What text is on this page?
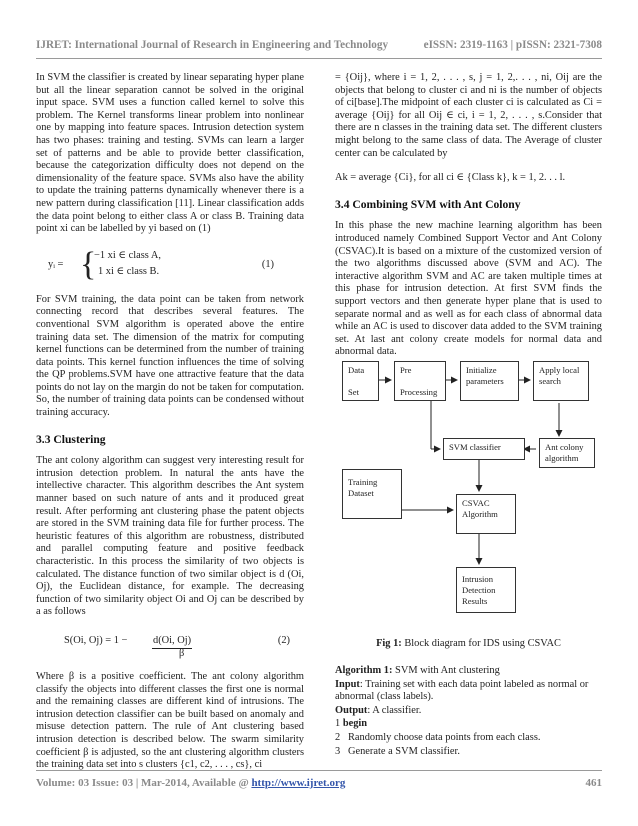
IJRET: International Journal of Research in Engineering and Technology	eISSN: 2319-1163 | pISSN: 2321-7308

In SVM the classifier is created by linear separating hyper plane but all the linear separation cannot be solved in the original input space. SVM uses a function called kernel to solve this problem. The Kernel transforms linear problem into nonlinear one by mapping into feature spaces. Intrusion detection system has two phases: training and testing. SVMs can learn a larger set of patterns and be able to provide better classification, because the categorization difficulty does not depend on the dimensionality of the feature space. SVMs also have the ability to update the training patterns dynamically whenever there is a new pattern during classification [11]. Linear classification adds the data point belong to either class A or class B. Training data point xi can be labelled by yi based on (1)

yᵢ = {
−1 xi ∈ class A,
1 xi ∈ class B.
(1)

For SVM training, the data point can be taken from network connecting record that describes several features. The conventional SVM algorithm is operated above the entire training data set. The dimension of the matrix for computing kernel functions can be determined from the number of training data points. This kernel function influences the time of solving the QP problems.SVM have one attractive feature that the data points do not lay on the margin do not be taken for computation. So, the number of training data points can be condensed without training accuracy.

3.3 Clustering

The ant colony algorithm can suggest very interesting result for intrusion detection problem. In natural the ants have the intellective character. This algorithm describes the Ant system manner based on such nature of ants and it produced great result. After performing ant clustering phase the patent objects are stored in the SVM training data file for further process. The heuristic features of this algorithm are robustness, distributed and parallel computing feature and positive feedback characteristic. In this process the similarity of two objects is calculated. The distance function of two similar object is d (Oi, Oj), the Euclidean distance, for example. The decreasing function of two similarity object Oi and Oj can be described by a as follows

S(Oi, Oj) = 1 − d(Oi, Oj)
β
(2)

Where β is a positive coefficient. The ant colony algorithm classify the objects into different classes the first one is normal and the remaining classes are different kind of intrusions. The intrusion detection classifier can be built based on anomaly and misuse detection pattern. The rule of Ant clustering based intrusion detection is described below. The swarm similarity coefficient β is adjusted, so the ant clustering algorithm clusters the training data set into s clusters {c1, c2, . . . , cs}, ci

= {Oij}, where i = 1, 2, . . . , s, j = 1, 2,. . . , ni, Oij are the objects that belong to cluster ci and ni is the number of objects of ci[base].The midpoint of each cluster ci is calculated as Ci = average {Oij} for all Oij ∈ ci, i = 1, 2, . . . , s.Consider that there are n classes in the training data set. The different clusters might belong to the same class of data. The Average of cluster center can be calculated by

Ak = average {Ci}, for all ci ∈ {Class k}, k = 1, 2. . . l.

3.4 Combining SVM with Ant Colony

In this phase the new machine learning algorithm has been introduced namely Combined Support Vector and Ant Colony (CSVAC).It is based on a mixture of the customized version of the two algorithms discussed above (SVM and AC). The interactive algorithm SVM and AC are taken multiple times at this phase for intrusion detection. At first SVM finds the support vectors and then generate hyper plane that is used to separate normal and as well as for each class of abnormal data while an AC is used to discover data added to the SVM training set. At last ant colony create models for normal data and abnormal data.

Data
Set
Pre
Processing
Initialize parameters
Apply local search
SVM classifier	Ant colony algorithm
Training Dataset
CSVAC Algorithm
Intrusion Detection Results
Fig 1: Block diagram for IDS using CSVAC

Algorithm 1: SVM with Ant clustering

Input: Training set with each data point labeled as normal or abnormal (class labels).

Output: A classifier.

1 begin

2 Randomly choose data points from each class.

3 Generate a SVM classifier.

Volume: 03 Issue: 03 | Mar-2014, Available @ http://www.ijret.org	461
